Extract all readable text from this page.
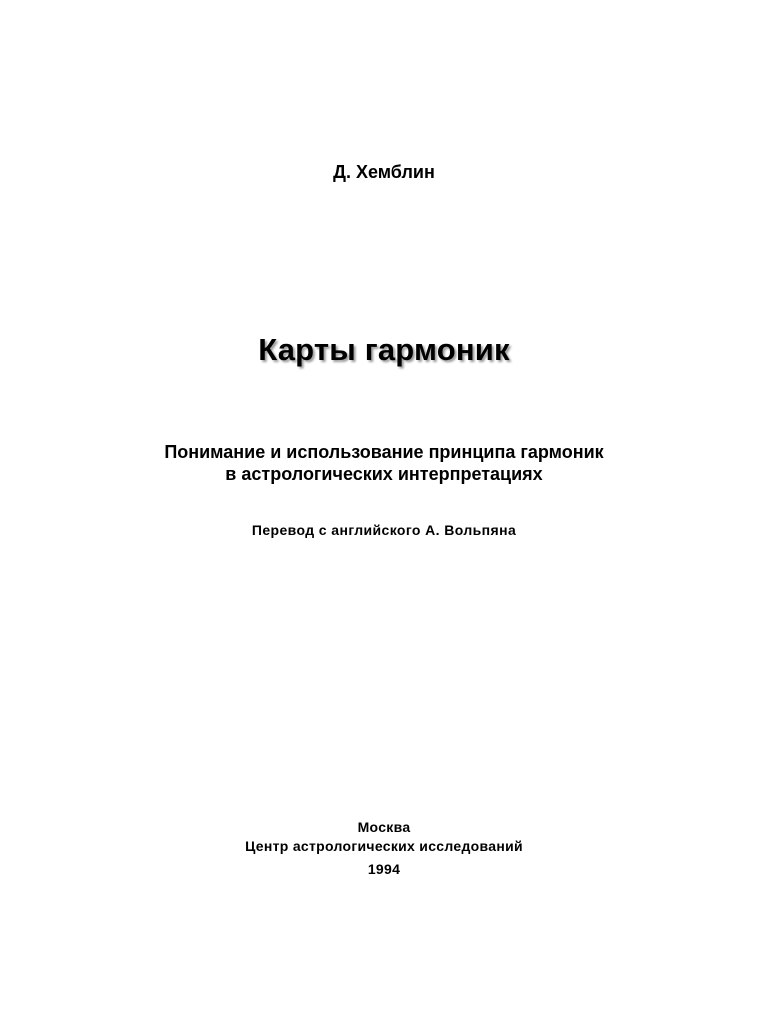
Д. Хемблин

Карты гармоник

Понимание и использование принципа гармоник

в астрологических интерпретациях

Перевод с английского А. Вольпяна

Москва

Центр астрологических исследований

1994
